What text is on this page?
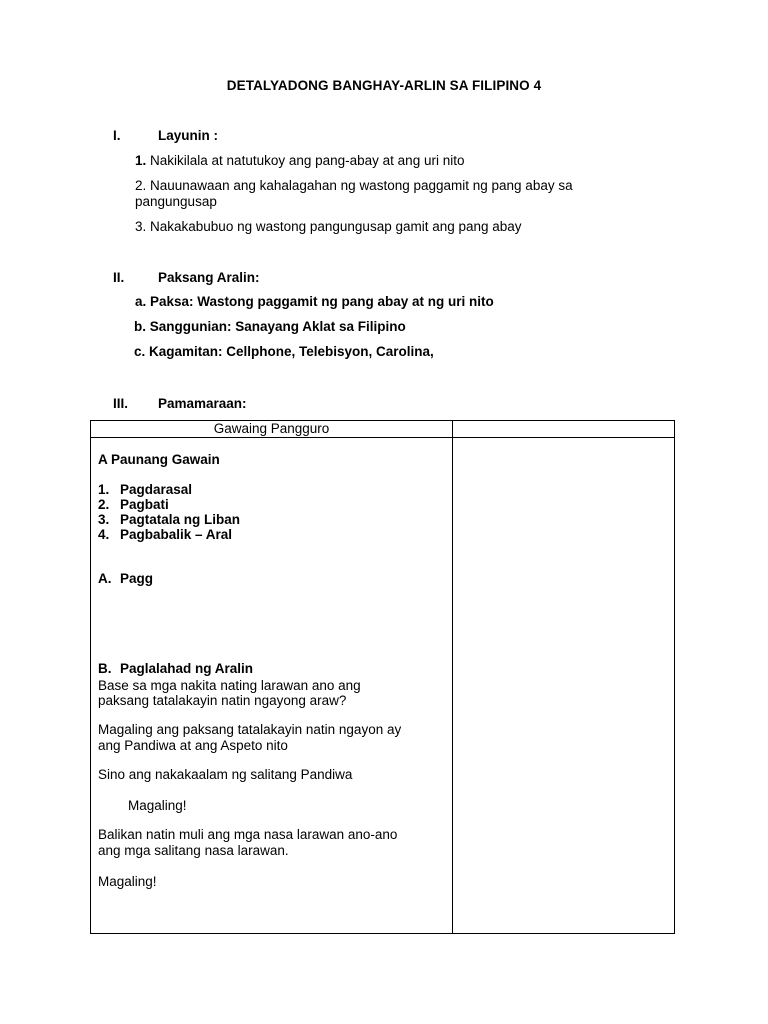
DETALYADONG BANGHAY-ARLIN SA FILIPINO 4
I.	Layunin :
1. Nakikilala at natutukoy ang pang-abay at ang uri nito
2. Nauunawaan ang kahalagahan ng wastong paggamit ng pang abay sa
pangungusap
3. Nakakabubuo ng wastong pangungusap gamit ang pang abay
II. Paksang Aralin:
a. Paksa: Wastong paggamit ng pang abay at ng uri nito
b. Sanggunian: Sanayang Aklat sa Filipino
c. Kagamitan: Cellphone, Telebisyon, Carolina,
III. Pamamaraan:
Gawaing Pangguro
A Paunang Gawain
1. Pagdarasal
2. Pagbati
3. Pagtatala ng Liban
4. Pagbabalik – Aral
A. Pagg
B. Paglalahad ng Aralin
Base sa mga nakita nating larawan ano ang
paksang tatalakayin natin ngayong araw?
Magaling ang paksang tatalakayin natin ngayon ay
ang Pandiwa at ang Aspeto nito
Sino ang nakakaalam ng salitang Pandiwa
Magaling!
Balikan natin muli ang mga nasa larawan ano-ano
ang mga salitang nasa larawan.
Magaling!
